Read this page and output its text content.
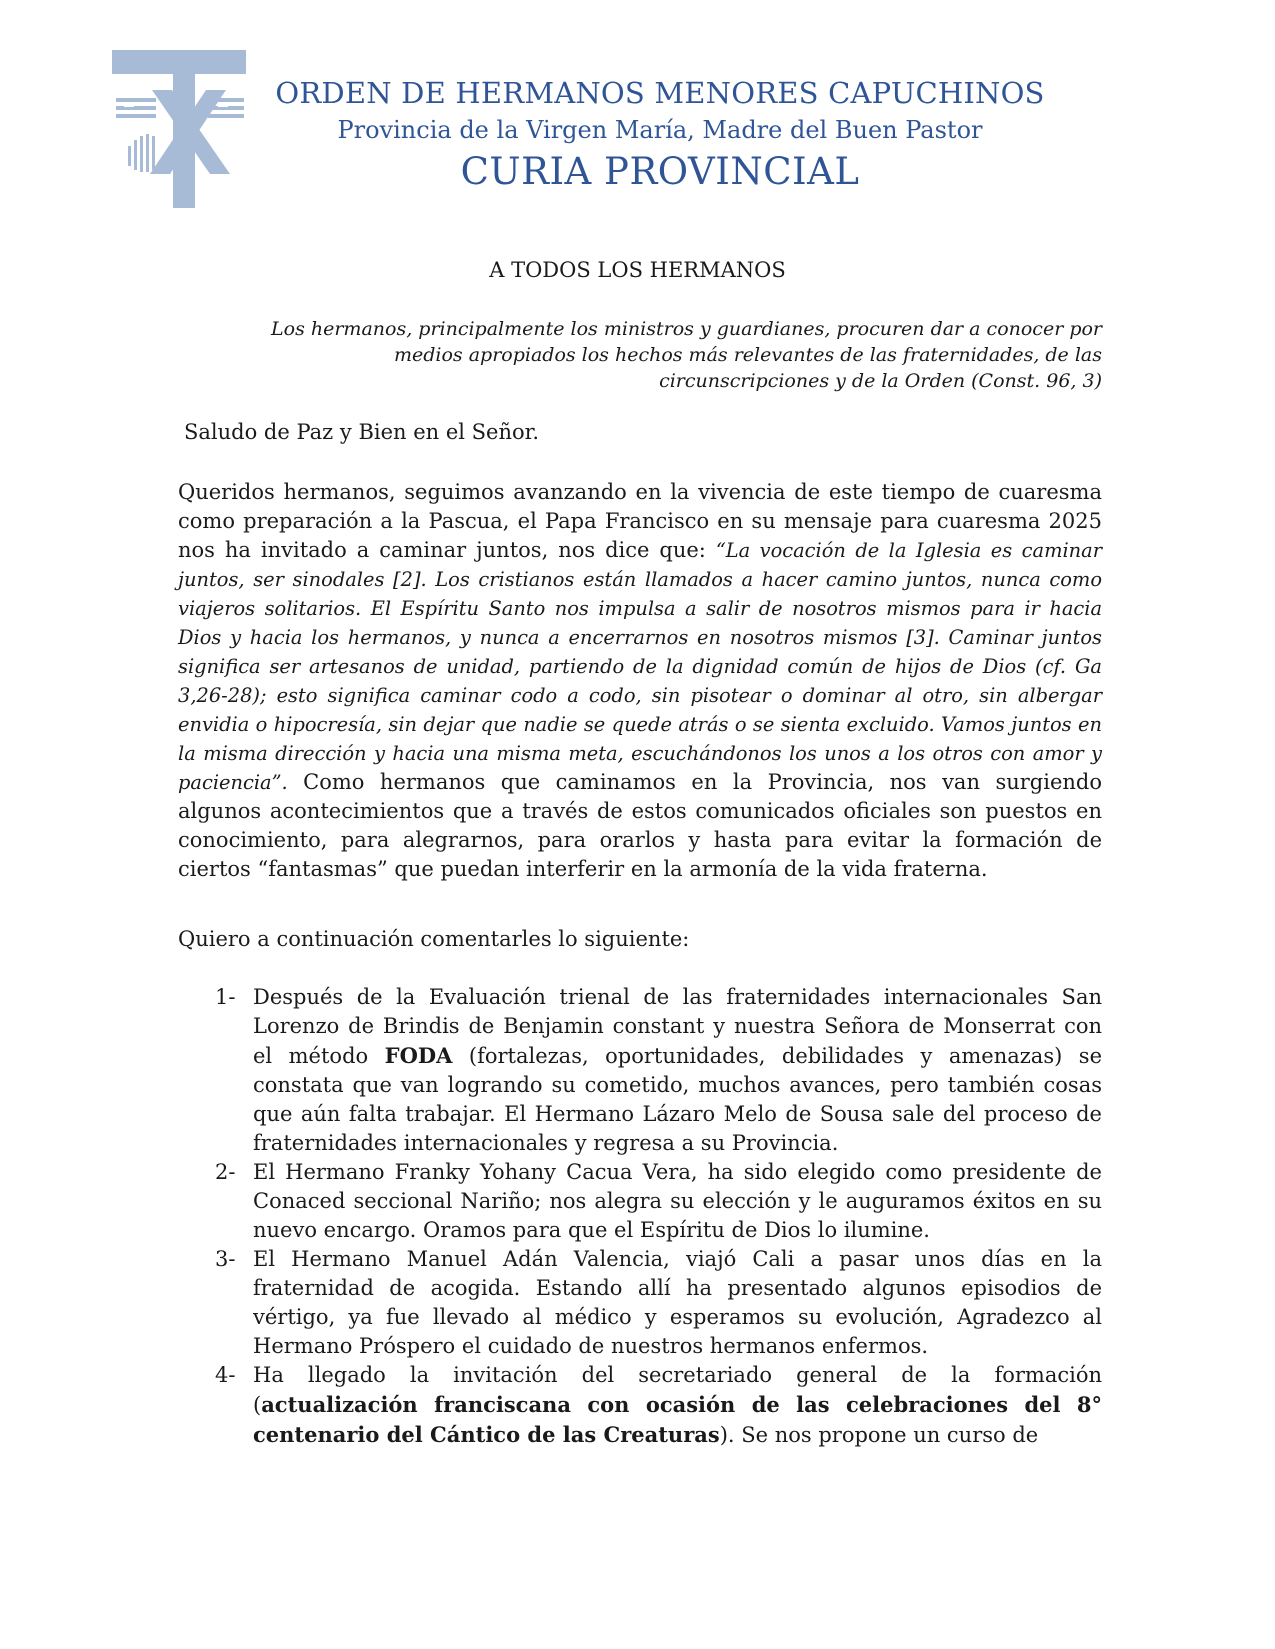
ORDEN DE HERMANOS MENORES CAPUCHINOS
Provincia de la Virgen María, Madre del Buen Pastor
CURIA PROVINCIAL
A TODOS LOS HERMANOS
Los hermanos, principalmente los ministros y guardianes, procuren dar a conocer por
medios apropiados los hechos más relevantes de las fraternidades, de las
circunscripciones y de la Orden (Const. 96, 3)
Saludo de Paz y Bien en el Señor.

Queridos hermanos, seguimos avanzando en la vivencia de este tiempo de cuaresma como preparación a la Pascua, el Papa Francisco en su mensaje para cuaresma 2025 nos ha invitado a caminar juntos, nos dice que: “La vocación de la Iglesia es caminar juntos, ser sinodales [2]. Los cristianos están llamados a hacer camino juntos, nunca como viajeros solitarios. El Espíritu Santo nos impulsa a salir de nosotros mismos para ir hacia Dios y hacia los hermanos, y nunca a encerrarnos en nosotros mismos [3]. Caminar juntos significa ser artesanos de unidad, partiendo de la dignidad común de hijos de Dios (cf. Ga 3,26-28); esto significa caminar codo a codo, sin pisotear o dominar al otro, sin albergar envidia o hipocresía, sin dejar que nadie se quede atrás o se sienta excluido. Vamos juntos en la misma dirección y hacia una misma meta, escuchándonos los unos a los otros con amor y paciencia”. Como hermanos que caminamos en la Provincia, nos van surgiendo algunos acontecimientos que a través de estos comunicados oficiales son puestos en conocimiento, para alegrarnos, para orarlos y hasta para evitar la formación de ciertos “fantasmas” que puedan interferir en la armonía de la vida fraterna.

Quiero a continuación comentarles lo siguiente:

1- Después de la Evaluación trienal de las fraternidades internacionales San Lorenzo de Brindis de Benjamin constant y nuestra Señora de Monserrat con el método FODA (fortalezas, oportunidades, debilidades y amenazas) se constata que van logrando su cometido, muchos avances, pero también cosas que aún falta trabajar. El Hermano Lázaro Melo de Sousa sale del proceso de fraternidades internacionales y regresa a su Provincia.
2- El Hermano Franky Yohany Cacua Vera, ha sido elegido como presidente de Conaced seccional Nariño; nos alegra su elección y le auguramos éxitos en su nuevo encargo. Oramos para que el Espíritu de Dios lo ilumine.
3- El Hermano Manuel Adán Valencia, viajó Cali a pasar unos días en la fraternidad de acogida. Estando allí ha presentado algunos episodios de vértigo, ya fue llevado al médico y esperamos su evolución, Agradezco al Hermano Próspero el cuidado de nuestros hermanos enfermos.
4- Ha llegado la invitación del secretariado general de la formación (actualización franciscana con ocasión de las celebraciones del 8° centenario del Cántico de las Creaturas). Se nos propone un curso de
